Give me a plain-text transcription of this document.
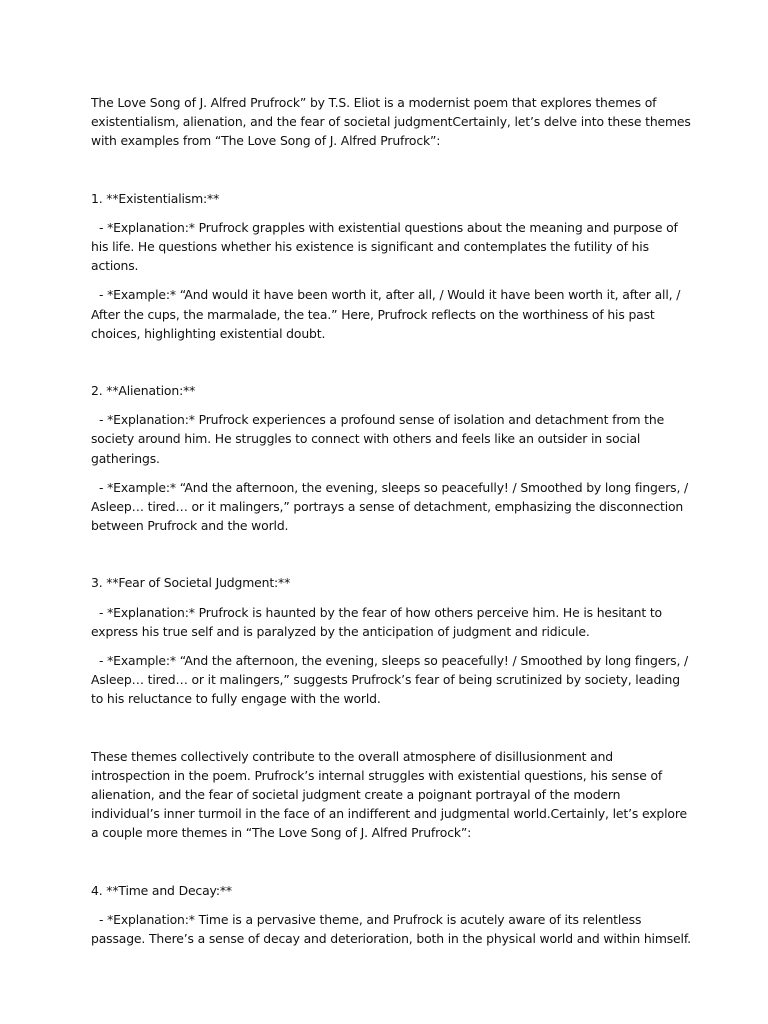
The Love Song of J. Alfred Prufrock” by T.S. Eliot is a modernist poem that explores themes of existentialism, alienation, and the fear of societal judgmentCertainly, let’s delve into these themes with examples from “The Love Song of J. Alfred Prufrock”:

1. **Existentialism:**

- *Explanation:* Prufrock grapples with existential questions about the meaning and purpose of his life. He questions whether his existence is significant and contemplates the futility of his actions.

- *Example:* “And would it have been worth it, after all, / Would it have been worth it, after all, / After the cups, the marmalade, the tea.” Here, Prufrock reflects on the worthiness of his past choices, highlighting existential doubt.

2. **Alienation:**

- *Explanation:* Prufrock experiences a profound sense of isolation and detachment from the society around him. He struggles to connect with others and feels like an outsider in social gatherings.

- *Example:* “And the afternoon, the evening, sleeps so peacefully! / Smoothed by long fingers, / Asleep… tired… or it malingers,” portrays a sense of detachment, emphasizing the disconnection between Prufrock and the world.

3. **Fear of Societal Judgment:**

- *Explanation:* Prufrock is haunted by the fear of how others perceive him. He is hesitant to express his true self and is paralyzed by the anticipation of judgment and ridicule.

- *Example:* “And the afternoon, the evening, sleeps so peacefully! / Smoothed by long fingers, / Asleep… tired… or it malingers,” suggests Prufrock’s fear of being scrutinized by society, leading to his reluctance to fully engage with the world.

These themes collectively contribute to the overall atmosphere of disillusionment and introspection in the poem. Prufrock’s internal struggles with existential questions, his sense of alienation, and the fear of societal judgment create a poignant portrayal of the modern individual’s inner turmoil in the face of an indifferent and judgmental world.Certainly, let’s explore a couple more themes in “The Love Song of J. Alfred Prufrock”:

4. **Time and Decay:**

- *Explanation:* Time is a pervasive theme, and Prufrock is acutely aware of its relentless passage. There’s a sense of decay and deterioration, both in the physical world and within himself.
